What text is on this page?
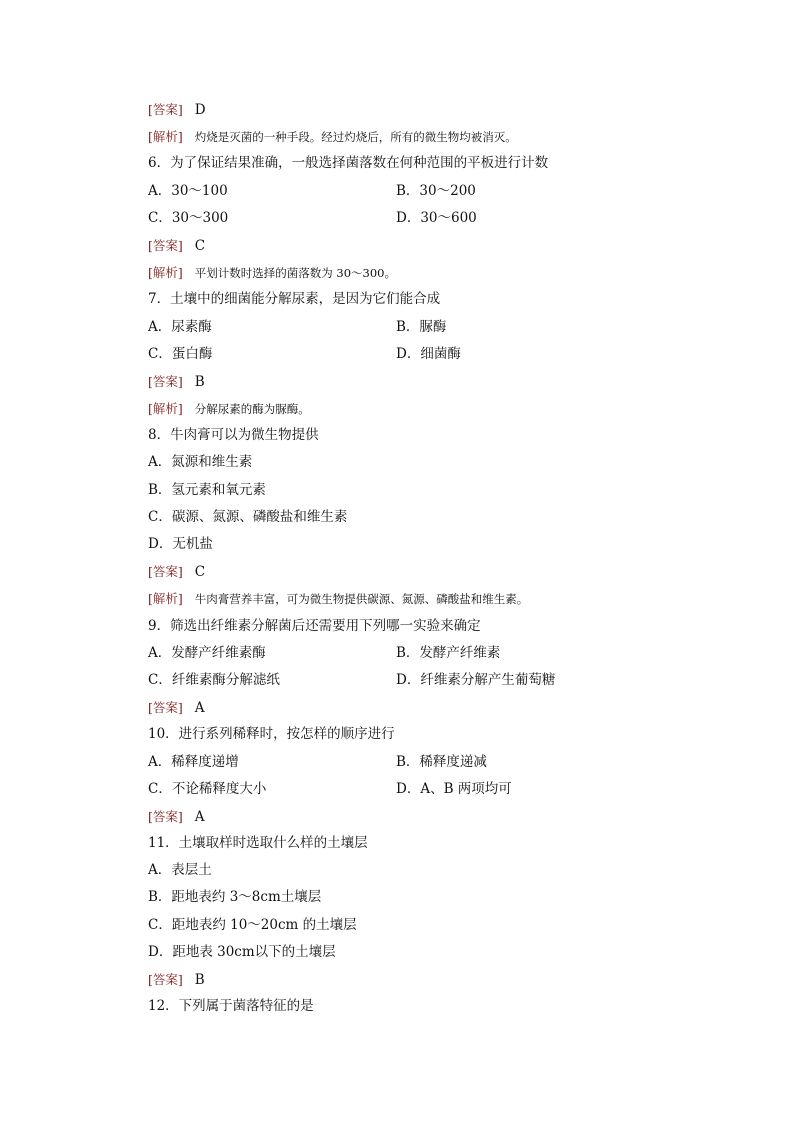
[答案] D
[解析] 灼烧是灭菌的一种手段。经过灼烧后，所有的微生物均被消灭。
6．为了保证结果准确，一般选择菌落数在何种范围的平板进行计数
A．30～100	B．30～200
C．30～300	D．30～600
[答案] C
[解析] 平划计数时选择的菌落数为 30～300。
7．土壤中的细菌能分解尿素，是因为它们能合成
A．尿素酶	B．脲酶
C．蛋白酶	D．细菌酶
[答案] B
[解析] 分解尿素的酶为脲酶。
8．牛肉膏可以为微生物提供
A．氮源和维生素
B．氢元素和氧元素
C．碳源、氮源、磷酸盐和维生素
D．无机盐
[答案] C
[解析] 牛肉膏营养丰富，可为微生物提供碳源、氮源、磷酸盐和维生素。
9．筛选出纤维素分解菌后还需要用下列哪一实验来确定
A．发酵产纤维素酶	B．发酵产纤维素
C．纤维素酶分解滤纸	D．纤维素分解产生葡萄糖
[答案] A
10．进行系列稀释时，按怎样的顺序进行
A．稀释度递增	B．稀释度递减
C．不论稀释度大小	D．A、B 两项均可
[答案] A
11．土壤取样时选取什么样的土壤层
A．表层土
B．距地表约 3～8cm土壤层
C．距地表约 10～20cm 的土壤层
D．距地表 30cm以下的土壤层
[答案] B
12．下列属于菌落特征的是
